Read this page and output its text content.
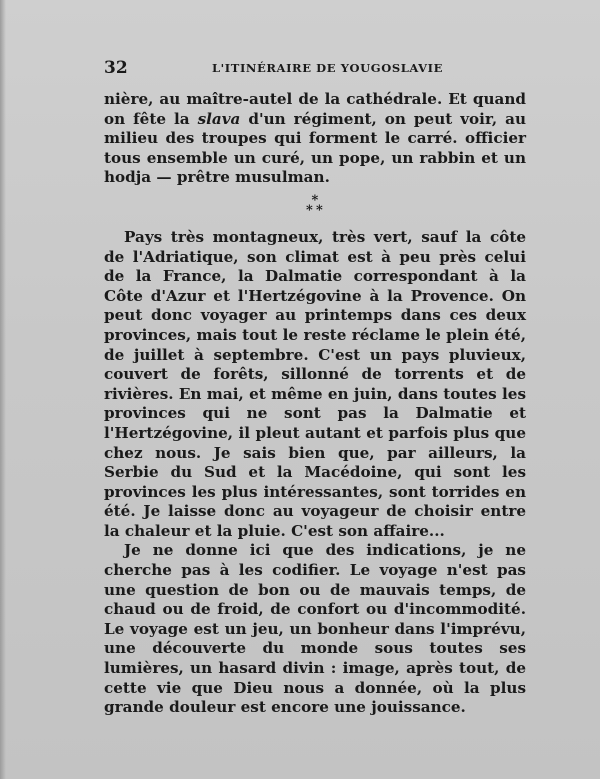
32	L'ITINÉRAIRE DE YOUGOSLAVIE

nière, au maître-autel de la cathédrale. Et quand on fête la slava d'un régiment, on peut voir, au milieu des troupes qui forment le carré. officier tous ensemble un curé, un pope, un rabbin et un hodja — prêtre musulman.

*
* *

Pays très montagneux, très vert, sauf la côte de l'Adriatique, son climat est à peu près celui de la France, la Dalmatie correspondant à la Côte d'Azur et l'Hertzégovine à la Provence. On peut donc voyager au printemps dans ces deux provinces, mais tout le reste réclame le plein été, de juillet à septembre. C'est un pays pluvieux, couvert de forêts, sillonné de torrents et de rivières. En mai, et même en juin, dans toutes les provinces qui ne sont pas la Dalmatie et l'Hertzégovine, il pleut autant et parfois plus que chez nous. Je sais bien que, par ailleurs, la Serbie du Sud et la Macédoine, qui sont les provinces les plus intéressantes, sont torrides en été. Je laisse donc au voyageur de choisir entre la chaleur et la pluie. C'est son affaire...

Je ne donne ici que des indications, je ne cherche pas à les codifier. Le voyage n'est pas une question de bon ou de mauvais temps, de chaud ou de froid, de confort ou d'incommodité. Le voyage est un jeu, un bonheur dans l'imprévu, une découverte du monde sous toutes ses lumières, un hasard divin : image, après tout, de cette vie que Dieu nous a donnée, où la plus grande douleur est encore une jouissance.
